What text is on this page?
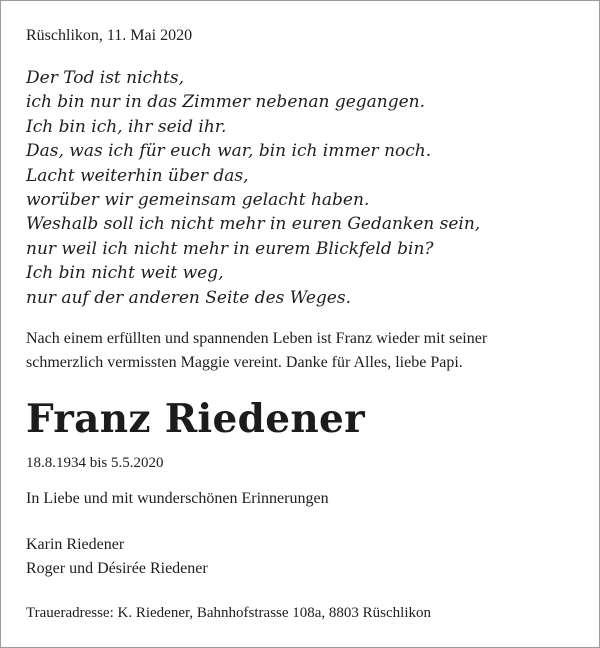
Rüschlikon, 11. Mai 2020

Der Tod ist nichts,
ich bin nur in das Zimmer nebenan gegangen.
Ich bin ich, ihr seid ihr.
Das, was ich für euch war, bin ich immer noch.
Lacht weiterhin über das,
worüber wir gemeinsam gelacht haben.
Weshalb soll ich nicht mehr in euren Gedanken sein,
nur weil ich nicht mehr in eurem Blickfeld bin?
Ich bin nicht weit weg,
nur auf der anderen Seite des Weges.
Nach einem erfüllten und spannenden Leben ist Franz wieder mit seiner
schmerzlich vermissten Maggie vereint. Danke für Alles, liebe Papi.
Franz Riedener
18.8.1934 bis 5.5.2020
In Liebe und mit wunderschönen Erinnerungen
Karin Riedener
Roger und Désirée Riedener
Traueradresse: K. Riedener, Bahnhofstrasse 108a, 8803 Rüschlikon
